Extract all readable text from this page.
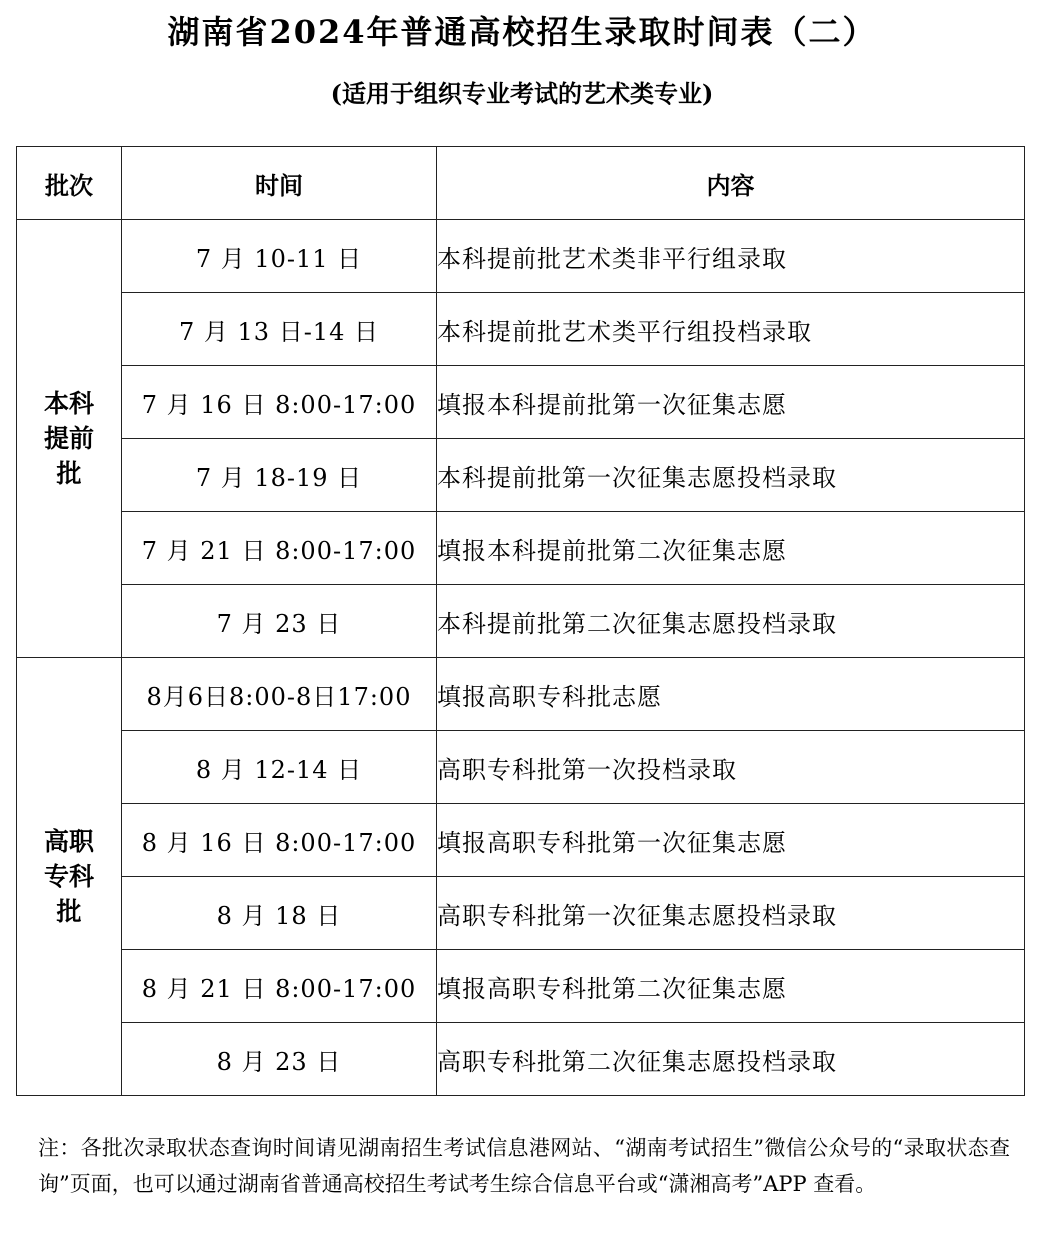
湖南省2024年普通高校招生录取时间表（二）
(适用于组织专业考试的艺术类专业)
批次	时间	内容
本科提前批	7 月 10-11 日	本科提前批艺术类非平行组录取
	7 月 13 日-14 日	本科提前批艺术类平行组投档录取
	7 月 16 日 8:00-17:00	填报本科提前批第一次征集志愿
	7 月 18-19 日	本科提前批第一次征集志愿投档录取
	7 月 21 日 8:00-17:00	填报本科提前批第二次征集志愿
	7 月 23 日	本科提前批第二次征集志愿投档录取
高职专科批	8月6日8:00-8日17:00	填报高职专科批志愿
	8 月 12-14 日	高职专科批第一次投档录取
	8 月 16 日 8:00-17:00	填报高职专科批第一次征集志愿
	8 月 18 日	高职专科批第一次征集志愿投档录取
	8 月 21 日 8:00-17:00	填报高职专科批第二次征集志愿
	8 月 23 日	高职专科批第二次征集志愿投档录取
注：各批次录取状态查询时间请见湖南招生考试信息港网站、“湖南考试招生”微信公众号的“录取状态查询”页面，也可以通过湖南省普通高校招生考试考生综合信息平台或“潇湘高考”APP 查看。
